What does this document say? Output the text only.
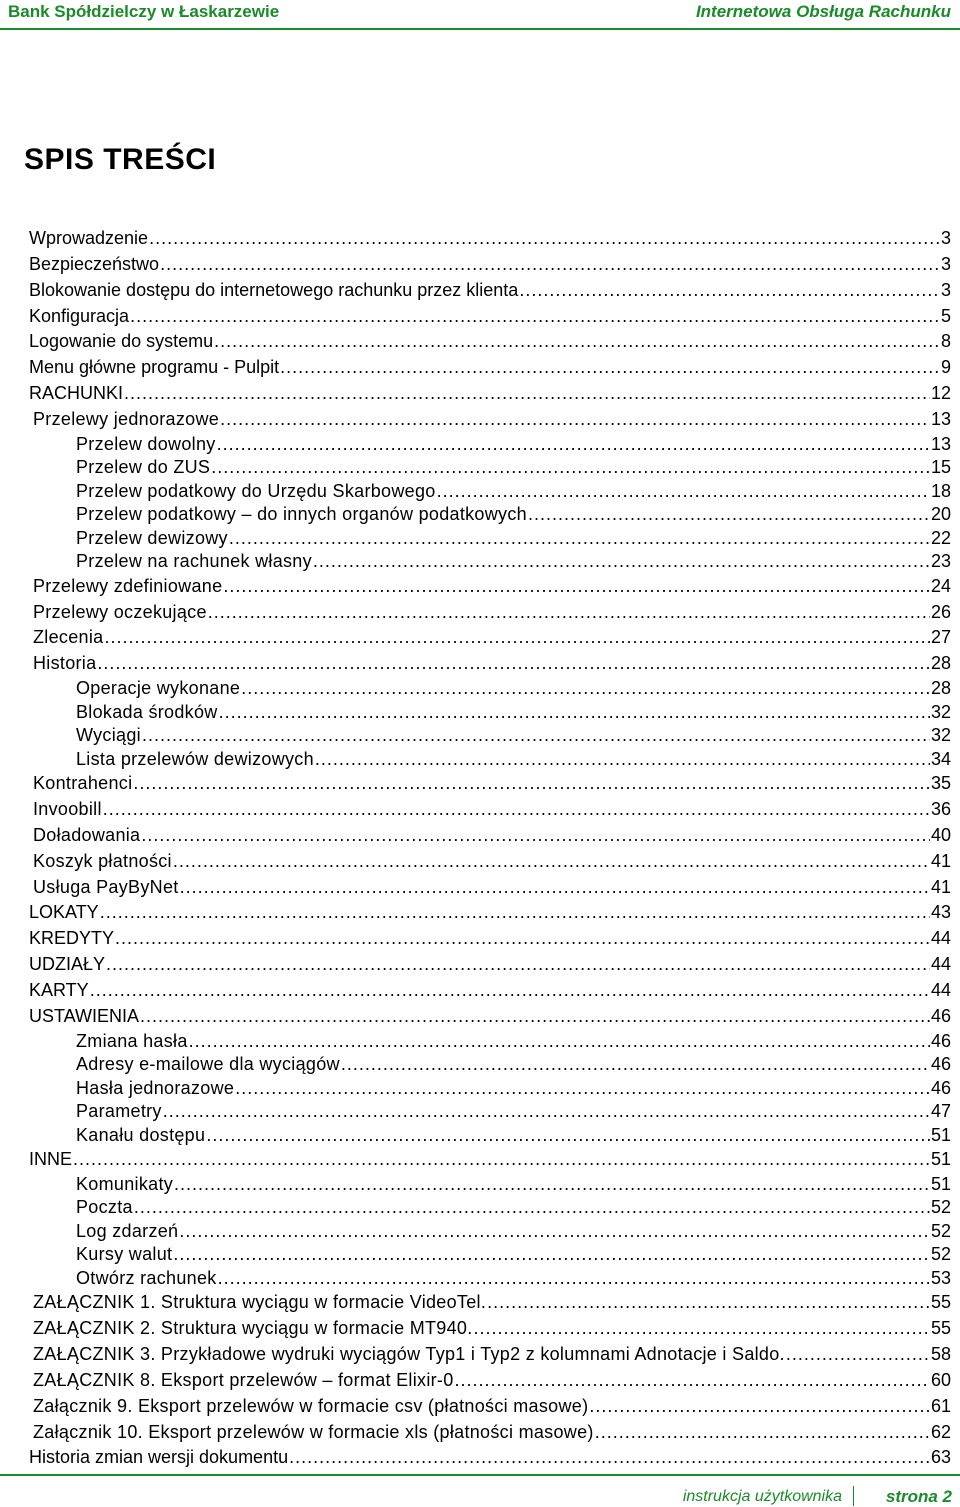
Bank Spółdzielczy w Łaskarzewie	Internetowa Obsługa Rachunku
SPIS TREŚCI
Wprowadzenie .....	3
Bezpieczeństwo .....	3
Blokowanie dostępu do internetowego rachunku przez klienta .....	3
Konfiguracja .....	5
Logowanie do systemu .....	8
Menu główne programu - Pulpit .....	9
RACHUNKI .....	12
Przelewy jednorazowe .....	13
Przelew dowolny .....	13
Przelew do ZUS .....	15
Przelew podatkowy do Urzędu Skarbowego .....	18
Przelew podatkowy – do innych organów podatkowych .....	20
Przelew dewizowy .....	22
Przelew na rachunek własny .....	23
Przelewy zdefiniowane .....	24
Przelewy oczekujące .....	26
Zlecenia .....	27
Historia .....	28
Operacje wykonane .....	28
Blokada środków .....	32
Wyciągi .....	32
Lista przelewów dewizowych .....	34
Kontrahenci .....	35
Invoobill .....	36
Doładowania .....	40
Koszyk płatności .....	41
Usługa PayByNet .....	41
LOKATY .....	43
KREDYTY .....	44
UDZIAŁY .....	44
KARTY .....	44
USTAWIENIA .....	46
Zmiana hasła .....	46
Adresy e-mailowe dla wyciągów .....	46
Hasła jednorazowe .....	46
Parametry .....	47
Kanału dostępu .....	51
INNE .....	51
Komunikaty .....	51
Poczta .....	52
Log zdarzeń .....	52
Kursy walut .....	52
Otwórz rachunek .....	53
ZAŁĄCZNIK 1. Struktura wyciągu w formacie VideoTel. .....	55
ZAŁĄCZNIK 2. Struktura wyciągu w formacie MT940. .....	55
ZAŁĄCZNIK 3. Przykładowe wydruki wyciągów Typ1 i Typ2 z kolumnami Adnotacje i Saldo. .....	58
ZAŁĄCZNIK 8. Eksport przelewów – format Elixir-0 .....	60
Załącznik 9. Eksport przelewów w formacie csv (płatności masowe) .....	61
Załącznik 10. Eksport przelewów w formacie xls (płatności masowe) .....	62
Historia zmian wersji dokumentu .....	63
instrukcja użytkownika	strona 2
